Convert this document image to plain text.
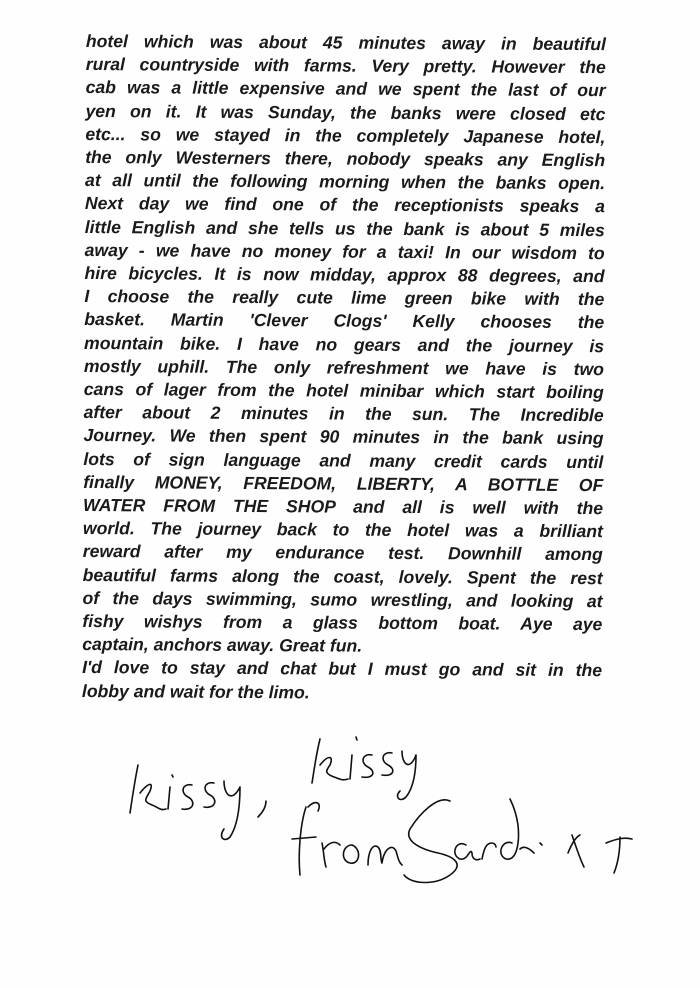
hotel which was about 45 minutes away in beautiful
rural countryside with farms. Very pretty. However the
cab was a little expensive and we spent the last of our
yen on it. It was Sunday, the banks were closed etc
etc... so we stayed in the completely Japanese hotel,
the only Westerners there, nobody speaks any English
at all until the following morning when the banks open.
Next day we find one of the receptionists speaks a
little English and she tells us the bank is about 5 miles
away - we have no money for a taxi! In our wisdom to
hire bicycles. It is now midday, approx 88 degrees, and
I choose the really cute lime green bike with the
basket. Martin 'Clever Clogs' Kelly chooses the
mountain bike. I have no gears and the journey is
mostly uphill. The only refreshment we have is two
cans of lager from the hotel minibar which start boiling
after about 2 minutes in the sun. The Incredible
Journey. We then spent 90 minutes in the bank using
lots of sign language and many credit cards until
finally MONEY, FREEDOM, LIBERTY, A BOTTLE OF
WATER FROM THE SHOP and all is well with the
world. The journey back to the hotel was a brilliant
reward after my endurance test. Downhill among
beautiful farms along the coast, lovely. Spent the rest
of the days swimming, sumo wrestling, and looking at
fishy wishys from a glass bottom boat. Aye aye
captain, anchors away. Great fun.
I'd love to stay and chat but I must go and sit in the
lobby and wait for the limo.
